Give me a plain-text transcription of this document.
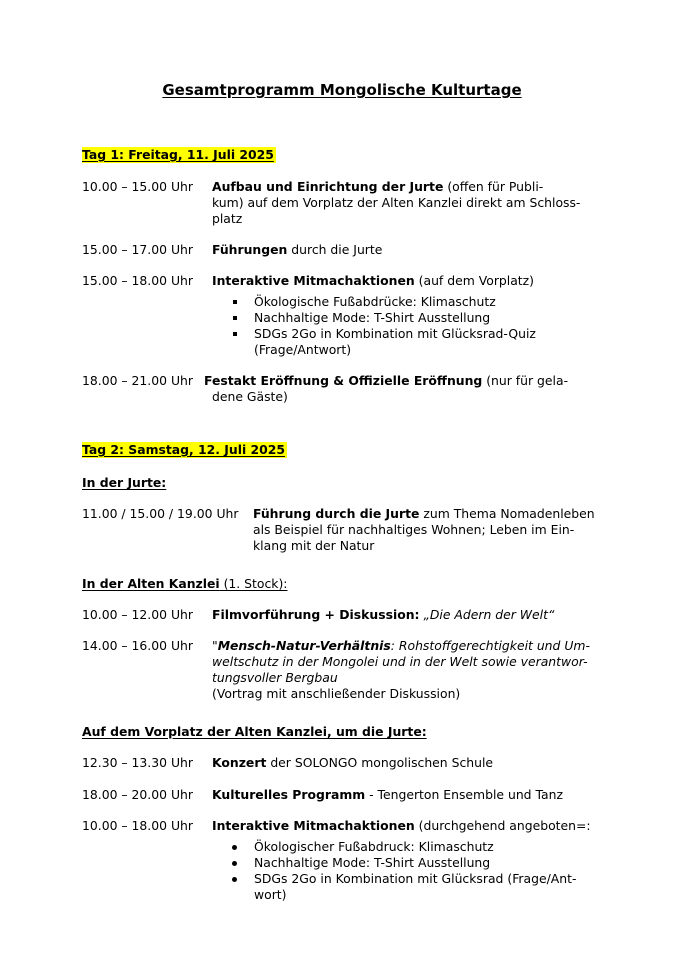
Gesamtprogramm Mongolische Kulturtage
Tag 1: Freitag, 11. Juli 2025
10.00 – 15.00 Uhr Aufbau und Einrichtung der Jurte (offen für Publi-
kum) auf dem Vorplatz der Alten Kanzlei direkt am Schloss-
platz
15.00 – 17.00 Uhr Führungen durch die Jurte
15.00 – 18.00 Uhr Interaktive Mitmachaktionen (auf dem Vorplatz)
Ökologische Fußabdrücke: Klimaschutz
Nachhaltige Mode: T-Shirt Ausstellung
SDGs 2Go in Kombination mit Glücksrad-Quiz
(Frage/Antwort)
18.00 – 21.00 Uhr Festakt Eröffnung & Offizielle Eröffnung (nur für gela-
dene Gäste)
Tag 2: Samstag, 12. Juli 2025
In der Jurte:
11.00 / 15.00 / 19.00 Uhr Führung durch die Jurte zum Thema Nomadenleben
als Beispiel für nachhaltiges Wohnen; Leben im Ein-
klang mit der Natur
In der Alten Kanzlei (1. Stock):
10.00 – 12.00 Uhr Filmvorführung + Diskussion: „Die Adern der Welt“
14.00 – 16.00 Uhr "Mensch-Natur-Verhältnis: Rohstoffgerechtigkeit und Um-
weltschutz in der Mongolei und in der Welt sowie verantwor-
tungsvoller Bergbau
(Vortrag mit anschließender Diskussion)
Auf dem Vorplatz der Alten Kanzlei, um die Jurte:
12.30 – 13.30 Uhr Konzert der SOLONGO mongolischen Schule
18.00 – 20.00 Uhr Kulturelles Programm - Tengerton Ensemble und Tanz
10.00 – 18.00 Uhr Interaktive Mitmachaktionen (durchgehend angeboten=:
Ökologischer Fußabdruck: Klimaschutz
Nachhaltige Mode: T-Shirt Ausstellung
SDGs 2Go in Kombination mit Glücksrad (Frage/Ant-
wort)
